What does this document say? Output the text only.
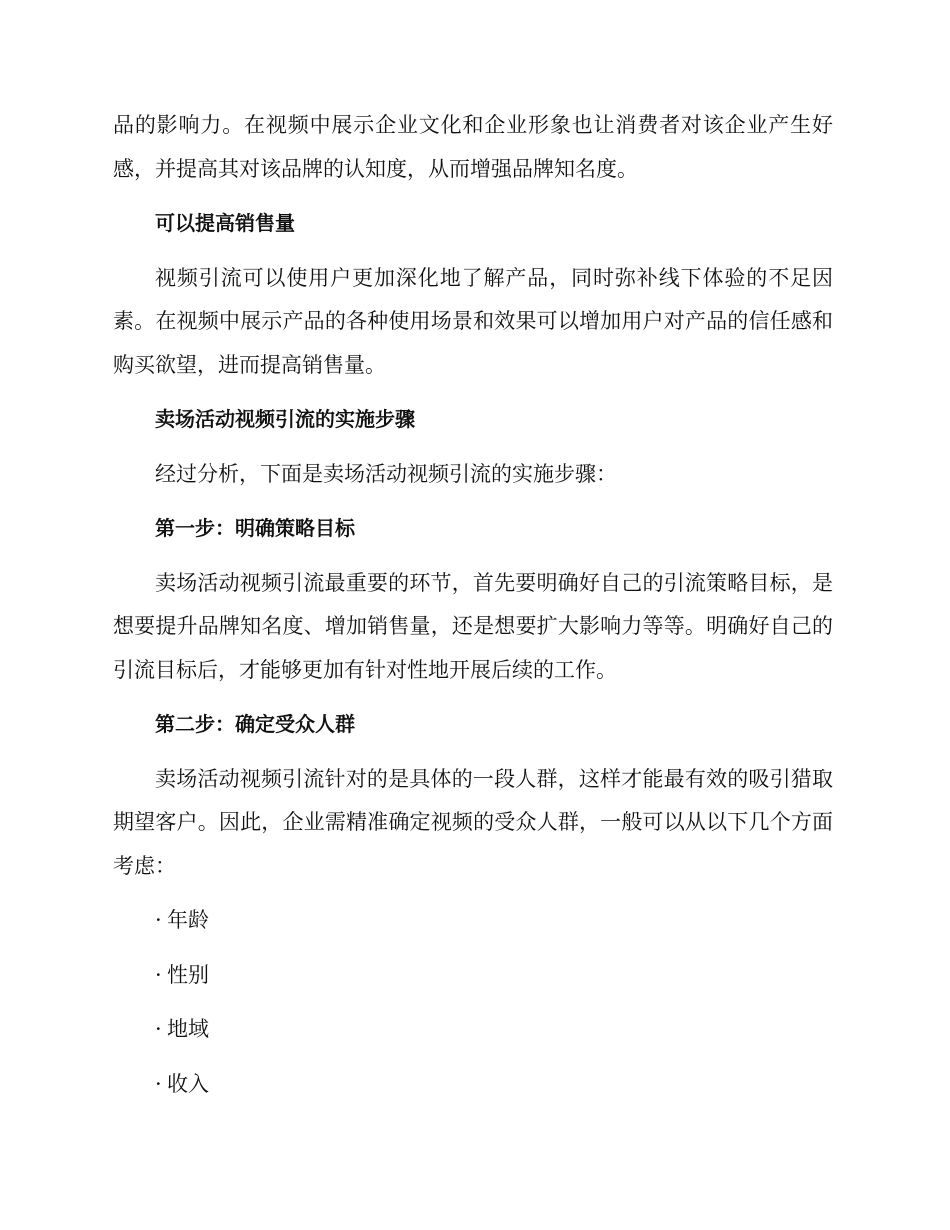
品的影响力。在视频中展示企业文化和企业形象也让消费者对该企业产生好感，并提高其对该品牌的认知度，从而增强品牌知名度。

可以提高销售量

视频引流可以使用户更加深化地了解产品，同时弥补线下体验的不足因素。在视频中展示产品的各种使用场景和效果可以增加用户对产品的信任感和购买欲望，进而提高销售量。

卖场活动视频引流的实施步骤

经过分析，下面是卖场活动视频引流的实施步骤：

第一步：明确策略目标

卖场活动视频引流最重要的环节，首先要明确好自己的引流策略目标，是想要提升品牌知名度、增加销售量，还是想要扩大影响力等等。明确好自己的引流目标后，才能够更加有针对性地开展后续的工作。

第二步：确定受众人群

卖场活动视频引流针对的是具体的一段人群，这样才能最有效的吸引猎取期望客户。因此，企业需精准确定视频的受众人群，一般可以从以下几个方面考虑：

· 年龄

· 性别

· 地域

· 收入
